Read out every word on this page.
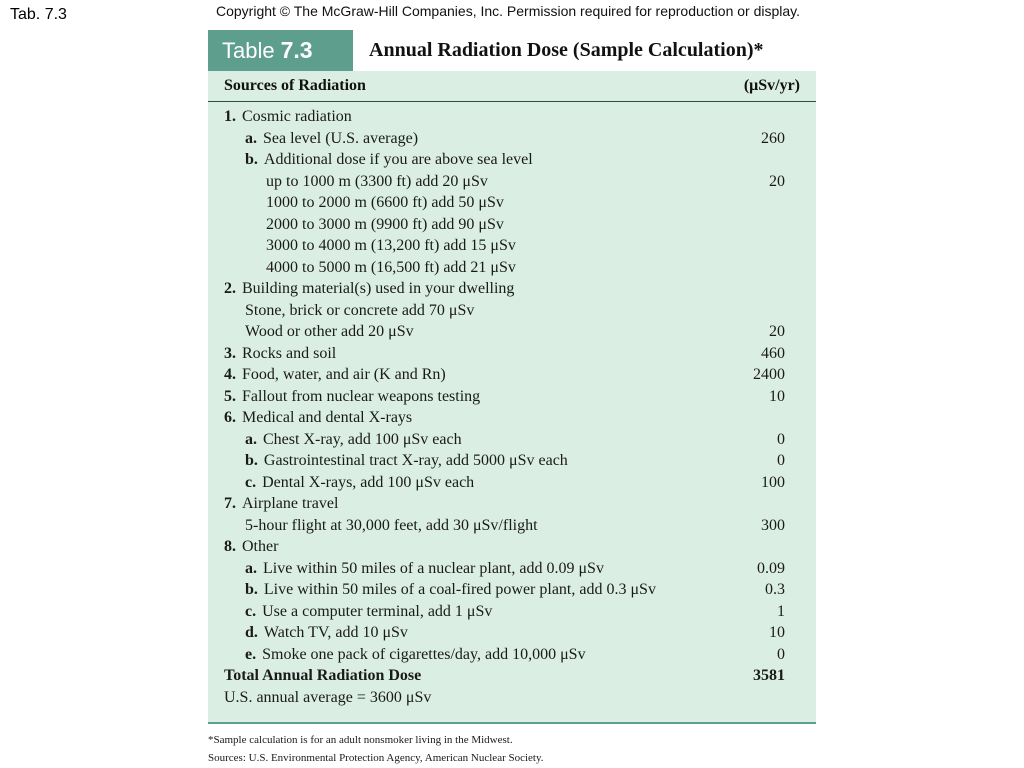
Tab. 7.3	Copyright © The McGraw-Hill Companies, Inc. Permission required for reproduction or display.
Table 7.3	Annual Radiation Dose (Sample Calculation)*
Sources of Radiation	(μSv/yr)
1. Cosmic radiation
a. Sea level (U.S. average)	260
b. Additional dose if you are above sea level
up to 1000 m (3300 ft) add 20 μSv	20
1000 to 2000 m (6600 ft) add 50 μSv
2000 to 3000 m (9900 ft) add 90 μSv
3000 to 4000 m (13,200 ft) add 15 μSv
4000 to 5000 m (16,500 ft) add 21 μSv
2. Building material(s) used in your dwelling
Stone, brick or concrete add 70 μSv
Wood or other add 20 μSv	20
3. Rocks and soil	460
4. Food, water, and air (K and Rn)	2400
5. Fallout from nuclear weapons testing	10
6. Medical and dental X-rays
a. Chest X-ray, add 100 μSv each	0
b. Gastrointestinal tract X-ray, add 5000 μSv each	0
c. Dental X-rays, add 100 μSv each	100
7. Airplane travel
5-hour flight at 30,000 feet, add 30 μSv/flight	300
8. Other
a. Live within 50 miles of a nuclear plant, add 0.09 μSv	0.09
b. Live within 50 miles of a coal-fired power plant, add 0.3 μSv	0.3
c. Use a computer terminal, add 1 μSv	1
d. Watch TV, add 10 μSv	10
e. Smoke one pack of cigarettes/day, add 10,000 μSv	0
Total Annual Radiation Dose	3581
U.S. annual average = 3600 μSv
*Sample calculation is for an adult nonsmoker living in the Midwest.
Sources: U.S. Environmental Protection Agency, American Nuclear Society.
